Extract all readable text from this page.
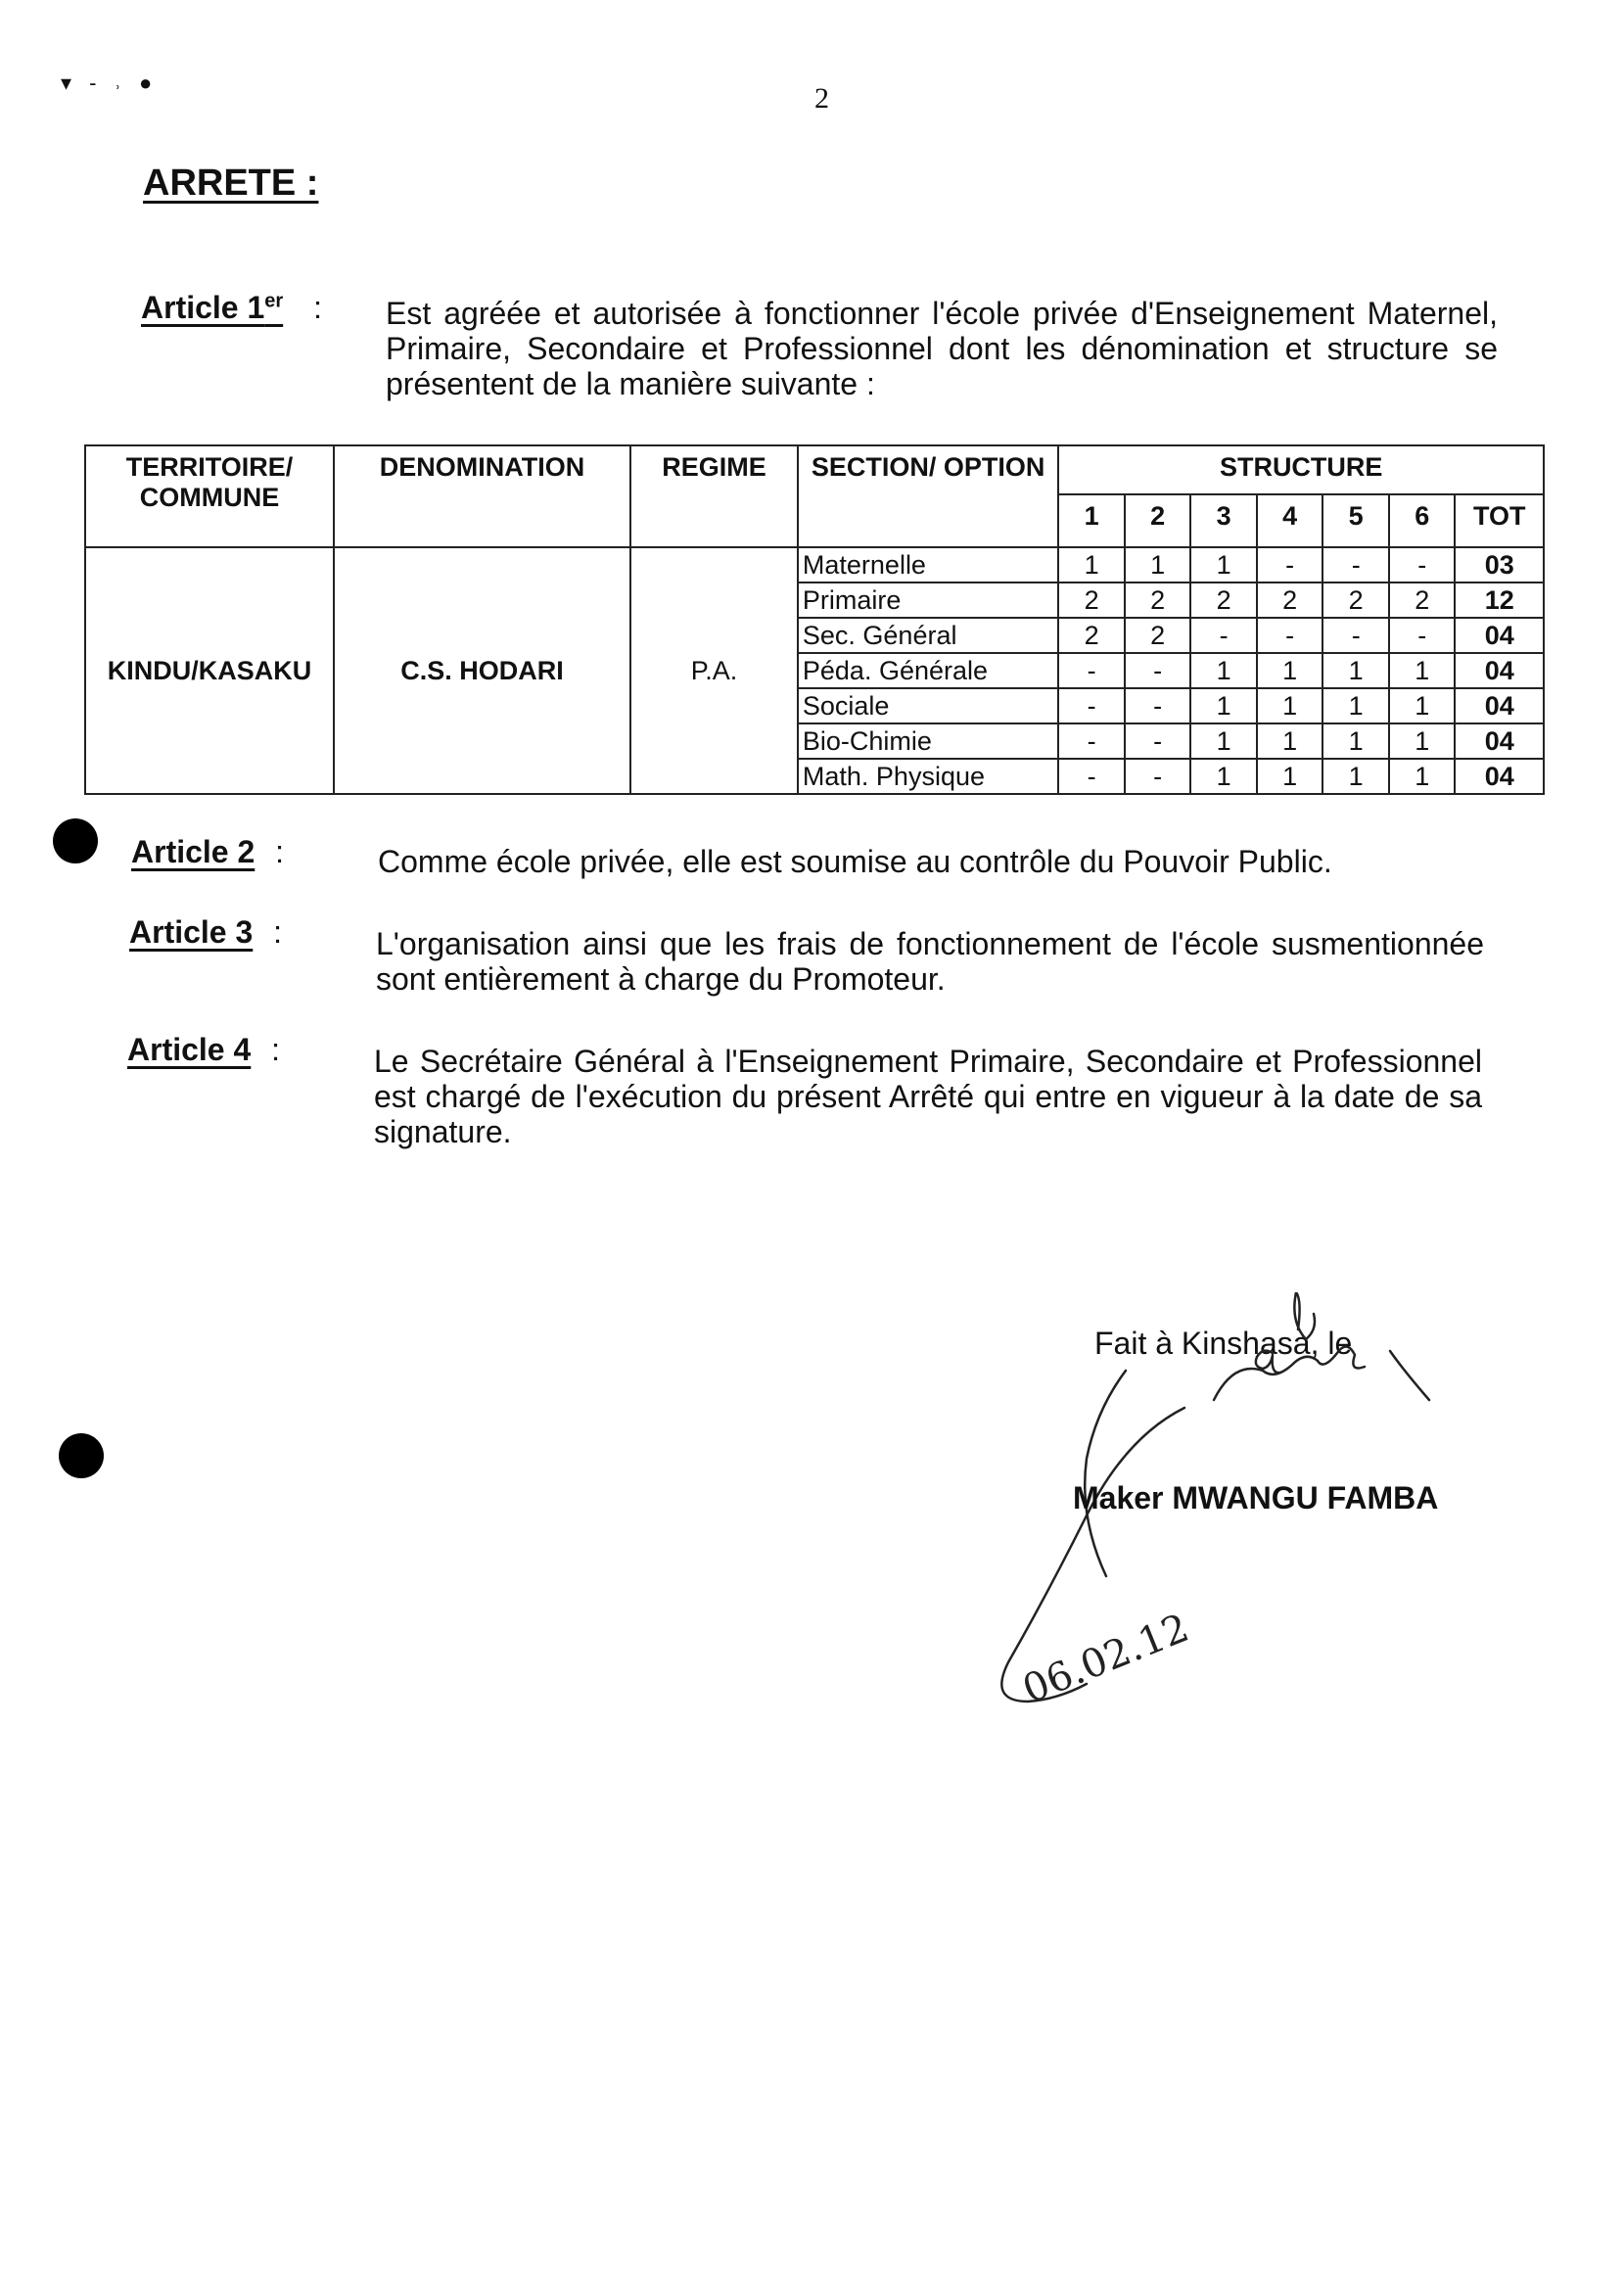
▾ ‐ ˒ ●	2
ARRETE :
Article 1er : Est agréée et autorisée à fonctionner l'école privée d'Enseignement Maternel, Primaire, Secondaire et Professionnel dont les dénomination et structure se présentent de la manière suivante :
TERRITOIRE/ COMMUNE	DENOMINATION	REGIME	SECTION/ OPTION	STRUCTURE						
				1	2	3	4	5	6	TOT
KINDU/KASAKU	C.S. HODARI	P.A.	Maternelle	1	1	1	-	-	-	03
			Primaire	2	2	2	2	2	2	12
			Sec. Général	2	2	-	-	-	-	04
			Péda. Générale	-	-	1	1	1	1	04
			Sociale	-	-	1	1	1	1	04
			Bio-Chimie	-	-	1	1	1	1	04
			Math. Physique	-	-	1	1	1	1	04
Article 2 :	Comme école privée, elle est soumise au contrôle du Pouvoir Public.
Article 3 :	L'organisation ainsi que les frais de fonctionnement de l'école susmentionnée sont entièrement à charge du Promoteur.
Article 4 :	Le Secrétaire Général à l'Enseignement Primaire, Secondaire et Professionnel est chargé de l'exécution du présent Arrêté qui entre en vigueur à la date de sa signature.
Fait à Kinshasa, le
06.02.12
Maker MWANGU FAMBA
